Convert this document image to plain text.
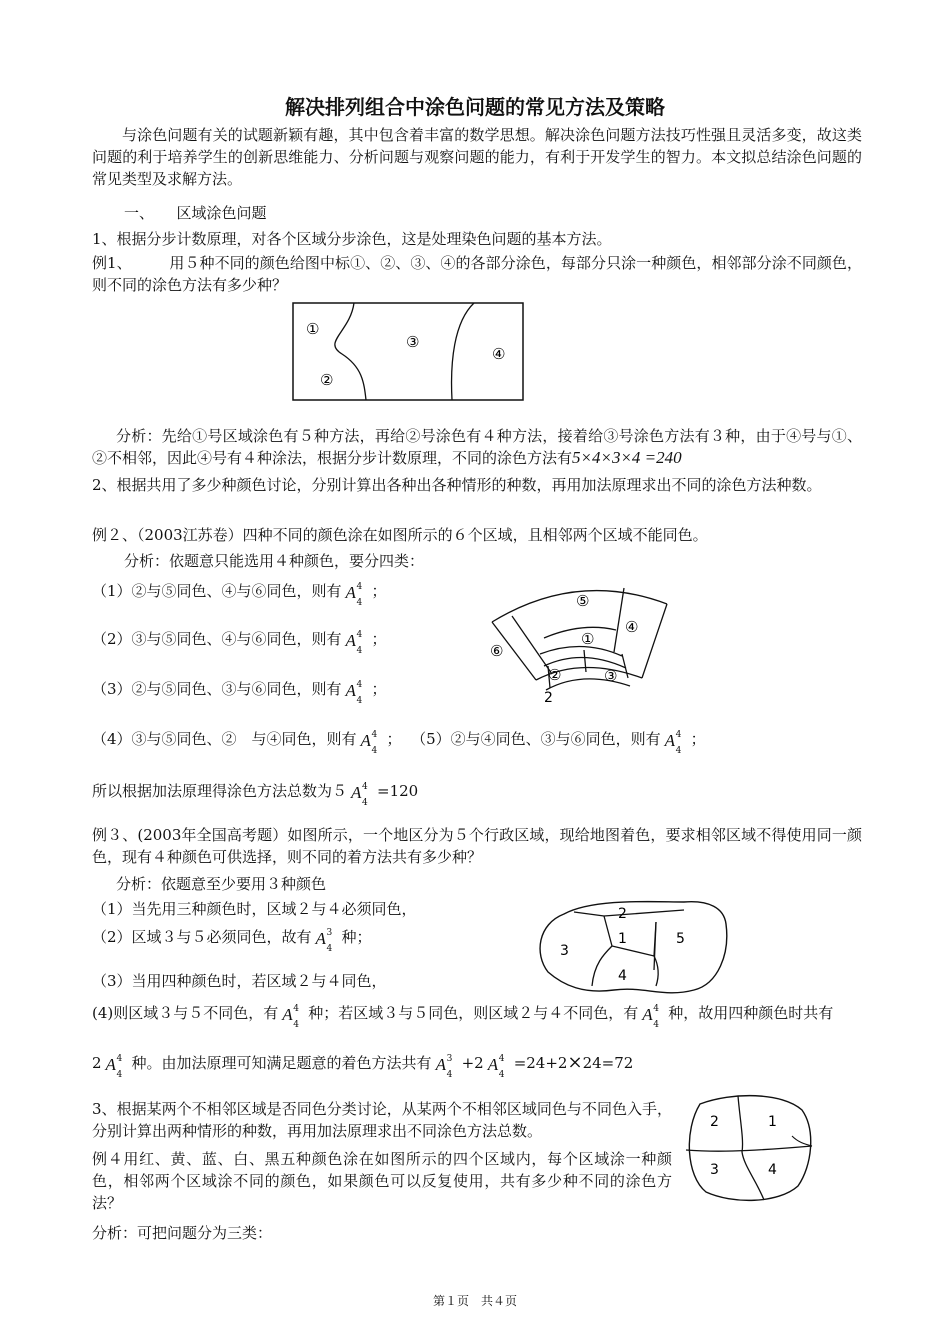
解决排列组合中涂色问题的常见方法及策略
与涂色问题有关的试题新颖有趣，其中包含着丰富的数学思想。解决涂色问题方法技巧性强且灵活多变，故这类问题的利于培养学生的创新思维能力、分析问题与观察问题的能力，有利于开发学生的智力。本文拟总结涂色问题的常见类型及求解方法。
一、　　区域涂色问题
1、根据分步计数原理，对各个区域分步涂色，这是处理染色问题的基本方法。
例1、　　　用５种不同的颜色给图中标①、②、③、④的各部分涂色，每部分只涂一种颜色，相邻部分涂不同颜色，则不同的涂色方法有多少种？
①
②
③
④
分析：先给①号区域涂色有５种方法，再给②号涂色有４种方法，接着给③号涂色方法有３种，由于④号与①、②不相邻，因此④号有４种涂法，根据分步计数原理，不同的涂色方法有5×4×3×4 =240
2、根据共用了多少种颜色讨论，分别计算出各种出各种情形的种数，再用加法原理求出不同的涂色方法种数。
例２、（2003江苏卷）四种不同的颜色涂在如图所示的６个区域，且相邻两个区域不能同色。
分析：依题意只能选用４种颜色，要分四类：
（1）②与⑤同色、④与⑥同色，则有 A 4
4
；
（2）③与⑤同色、④与⑥同色，则有 A 4
4
；
（3）②与⑤同色、③与⑥同色，则有 A 4
4
；
（4）③与⑤同色、②　与④同色，则有 A 4
4
； （5）②与④同色、③与⑥同色，则有 A 4
4
；
⑤
④
①
⑥
②	③
2
所以根据加法原理得涂色方法总数为５ A 4
4
=120
例３、(2003年全国高考题）如图所示，一个地区分为５个行政区域，现给地图着色，要求相邻区域不得使用同一颜色，现有４种颜色可供选择，则不同的着方法共有多少种？
分析：依题意至少要用３种颜色
（1）当先用三种颜色时，区域２与４必须同色，
（2）区域３与５必须同色，故有 A 3
4
种；
（3）当用四种颜色时，若区域２与４同色，
(4)则区域３与５不同色，有 A 4
4
种；若区域３与５同色，则区域２与４不同色，有 A 4
4
种，故用四种颜色时共有
2 A 4
4
种。由加法原理可知满足题意的着色方法共有 A 3
4
+2 A 4
4
=24+2×24=72
2
1
3
5
4
3、根据某两个不相邻区域是否同色分类讨论，从某两个不相邻区域同色与不同色入手，分别计算出两种情形的种数，再用加法原理求出不同涂色方法总数。
例４用红、黄、蓝、白、黑五种颜色涂在如图所示的四个区域内，每个区域涂一种颜色，相邻两个区域涂不同的颜色，如果颜色可以反复使用，共有多少种不同的涂色方法？
分析：可把问题分为三类：
2	1
3	4
第１页　共４页
